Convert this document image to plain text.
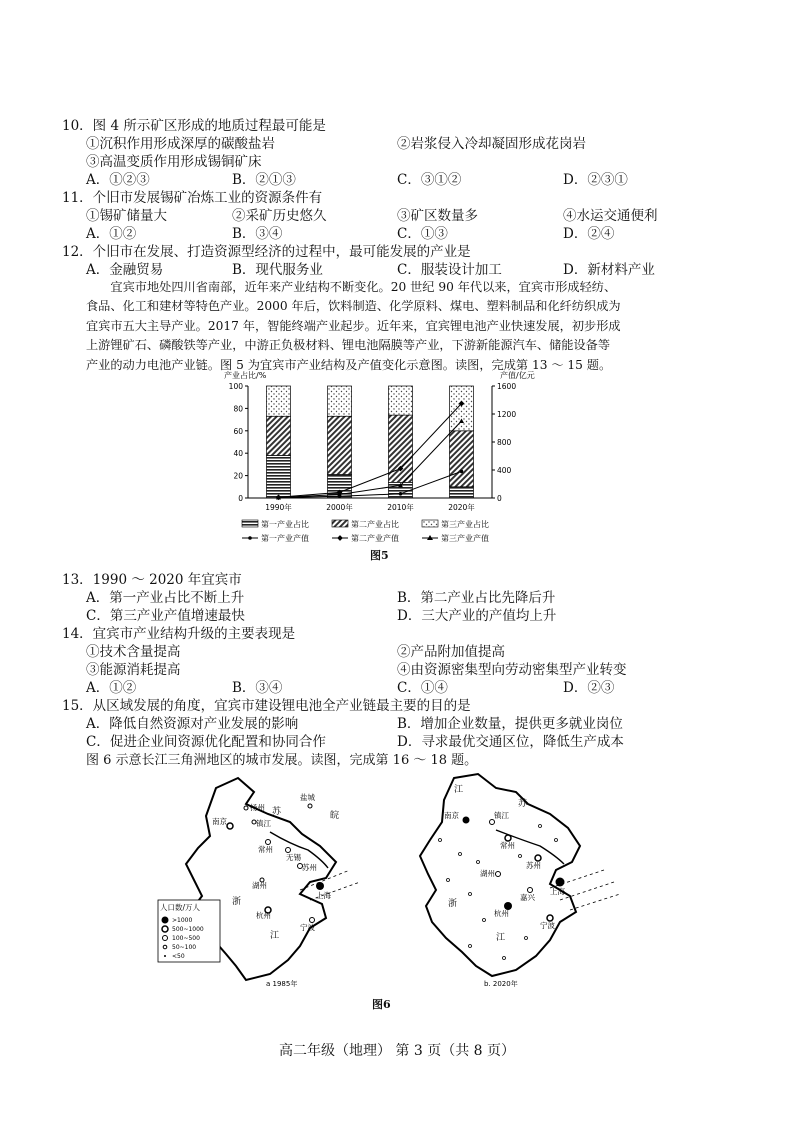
10．图 4 所示矿区形成的地质过程最可能是
①沉积作用形成深厚的碳酸盐岩	②岩浆侵入冷却凝固形成花岗岩
③高温变质作用形成锡铜矿床
A．①②③	B．②①③	C．③①②	D．②③①
11．个旧市发展锡矿冶炼工业的资源条件有
①锡矿储量大	②采矿历史悠久	③矿区数量多	④水运交通便利
A．①②	B．③④	C．①③	D．②④
12．个旧市在发展、打造资源型经济的过程中，最可能发展的产业是
A．金融贸易	B．现代服务业	C．服装设计加工	D．新材料产业
宜宾市地处四川省南部，近年来产业结构不断变化。20 世纪 90 年代以来，宜宾市形成轻纺、
食品、化工和建材等特色产业。2000 年后，饮料制造、化学原料、煤电、塑料制品和化纤纺织成为
宜宾市五大主导产业。2017 年，智能终端产业起步。近年来，宜宾锂电池产业快速发展，初步形成
上游锂矿石、磷酸铁等产业，中游正负极材料、锂电池隔膜等产业，下游新能源汽车、储能设备等
产业的动力电池产业链。图 5 为宜宾市产业结构及产值变化示意图。读图，完成第 13 ～ 15 题。
0
20
40
60
80
100
0
400
800
1200
1600
1990年	2000年	2010年	2020年
产业占比/%	产值/亿元
第一产业占比	第二产业占比	第三产业占比
第一产业产值	第二产业产值	第三产业产值
图5
13．1990 ～ 2020 年宜宾市
A．第一产业占比不断上升	B．第二产业占比先降后升
C．第三产业产值增速最快	D．三大产业的产值均上升
14．宜宾市产业结构升级的主要表现是
①技术含量提高	②产品附加值提高
③能源消耗提高	④由资源密集型向劳动密集型产业转变
A．①②	B．③④	C．①④	D．②③
15．从区域发展的角度，宜宾市建设锂电池全产业链最主要的目的是
A．降低自然资源对产业发展的影响	B．增加企业数量，提供更多就业岗位
C．促进企业间资源优化配置和协同合作	D．寻求最优交通区位，降低生产成本
图 6 示意长江三角洲地区的城市发展。读图，完成第 16 ～ 18 题。
人口数/万人
>1000
500~1000
100~500
50~100
<50
扬州
盐城
南京	镇江
常州
无锡
苏州
湖州
上海
杭州
宁波
浙
江
苏	皖
a 1985年
江
苏
南京	镇江
常州
苏州
湖州
上海
杭州
宁波
嘉兴
浙
江
b. 2020年
图6
高二年级（地理） 第 3 页（共 8 页）
